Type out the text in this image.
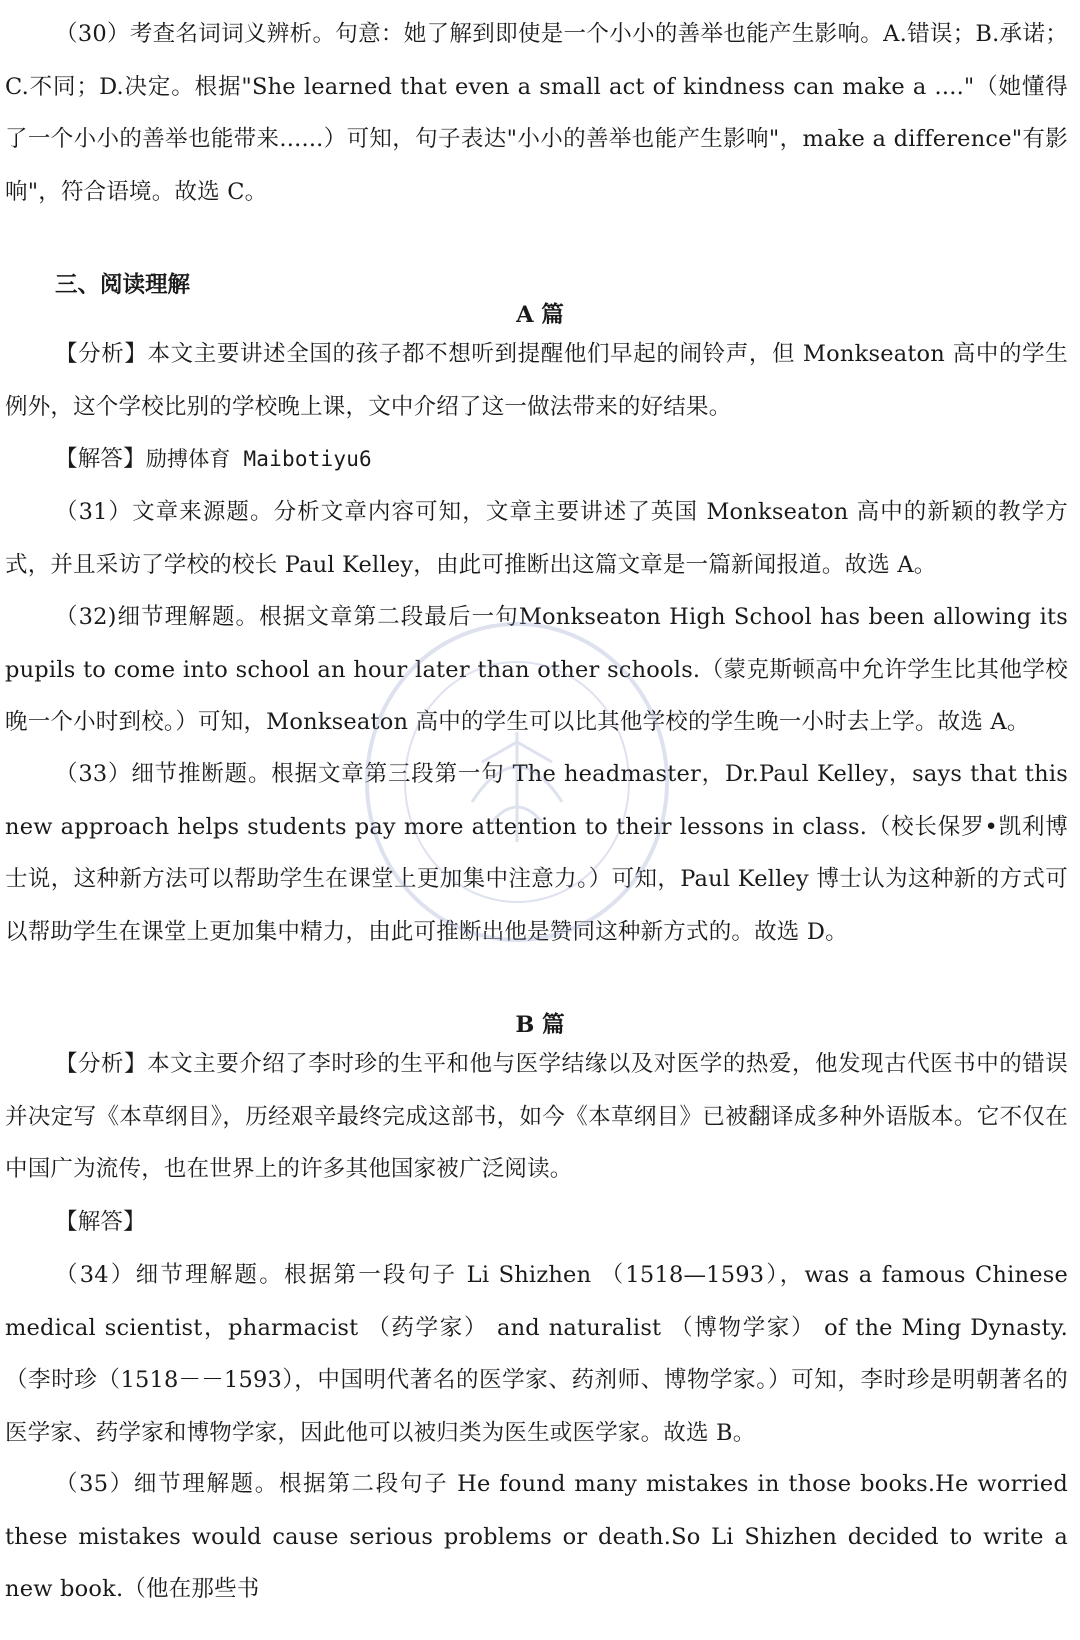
（30）考查名词词义辨析。句意：她了解到即使是一个小小的善举也能产生影响。A.错误；B.承诺；C.不同；D.决定。根据"She learned that even a small act of kindness can make a ...."（她懂得了一个小小的善举也能带来......）可知，句子表达"小小的善举也能产生影响"，make a difference"有影响"，符合语境。故选 C。
三、阅读理解
A 篇
【分析】本文主要讲述全国的孩子都不想听到提醒他们早起的闹铃声，但 Monkseaton 高中的学生例外，这个学校比别的学校晚上课，文中介绍了这一做法带来的好结果。
【解答】励搏体育 Maibotiyu6
（31）文章来源题。分析文章内容可知，文章主要讲述了英国 Monkseaton 高中的新颖的教学方式，并且采访了学校的校长 Paul Kelley，由此可推断出这篇文章是一篇新闻报道。故选 A。
（32)细节理解题。根据文章第二段最后一句Monkseaton High School has been allowing its pupils to come into school an hour later than other schools.（蒙克斯顿高中允许学生比其他学校晚一个小时到校。）可知，Monkseaton 高中的学生可以比其他学校的学生晚一小时去上学。故选 A。
（33）细节推断题。根据文章第三段第一句 The headmaster，Dr.Paul Kelley，says that this new approach helps students pay more attention to their lessons in class.（校长保罗•凯利博士说，这种新方法可以帮助学生在课堂上更加集中注意力。）可知，Paul Kelley 博士认为这种新的方式可以帮助学生在课堂上更加集中精力，由此可推断出他是赞同这种新方式的。故选 D。
B 篇
【分析】本文主要介绍了李时珍的生平和他与医学结缘以及对医学的热爱，他发现古代医书中的错误并决定写《本草纲目》，历经艰辛最终完成这部书，如今《本草纲目》已被翻译成多种外语版本。它不仅在中国广为流传，也在世界上的许多其他国家被广泛阅读。
【解答】
（34）细节理解题。根据第一段句子 Li Shizhen （1518—1593），was a famous Chinese medical scientist，pharmacist （药学家） and naturalist （博物学家） of the Ming Dynasty.（李时珍（1518－－1593），中国明代著名的医学家、药剂师、博物学家。）可知，李时珍是明朝著名的医学家、药学家和博物学家，因此他可以被归类为医生或医学家。故选 B。
（35）细节理解题。根据第二段句子 He found many mistakes in those books.He worried these mistakes would cause serious problems or death.So Li Shizhen decided to write a new book.（他在那些书
